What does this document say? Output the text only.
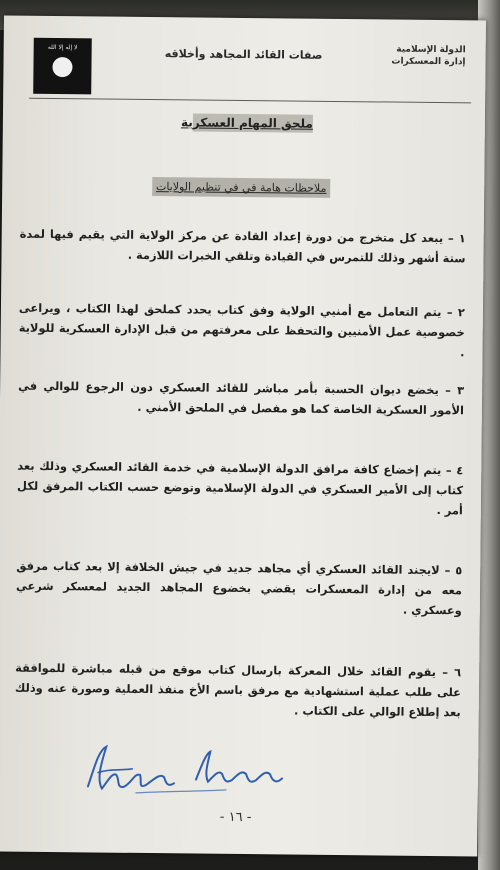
لا إله إلا الله	صفات القائد المجاهد وأخلاقه	الدولة الإسلامية
إدارة المعسكرات
ملحق المهام العسكرية
ملاحظات هامة في في تنظيم الولايات
١ – يبعد كل متخرج من دورة إعداد القادة عن مركز الولاية التي يقيم فيها لمدة ستة أشهر وذلك للتمرس في القيادة وتلقي الخبرات اللازمة .
٢ – يتم التعامل مع أمنيي الولاية وفق كتاب يحدد كملحق لهذا الكتاب ، ويراعى خصوصية عمل الأمنيين والتحفظ على معرفتهم من قبل الإدارة العسكرية للولاية .
٣ – يخضع ديوان الحسبة بأمر مباشر للقائد العسكري دون الرجوع للوالي في الأمور العسكرية الخاصة كما هو مفصل في الملحق الأمني .
٤ – يتم إخضاع كافة مرافق الدولة الإسلامية في خدمة القائد العسكري وذلك بعد كتاب إلى الأمير العسكري في الدولة الإسلامية وتوضع حسب الكتاب المرفق لكل أمر .
٥ – لايجند القائد العسكري أي مجاهد جديد في جيش الخلافة إلا بعد كتاب مرفق معه من إدارة المعسكرات يقضي بخضوع المجاهد الجديد لمعسكر شرعي وعسكري .
٦ – يقوم القائد خلال المعركة بارسال كتاب موقع من قبله مباشرة للموافقة على طلب عملية استشهادية مع مرفق باسم الأخ منفذ العملية وصورة عنه وذلك بعد إطلاع الوالي على الكتاب .
- ١٦ -
